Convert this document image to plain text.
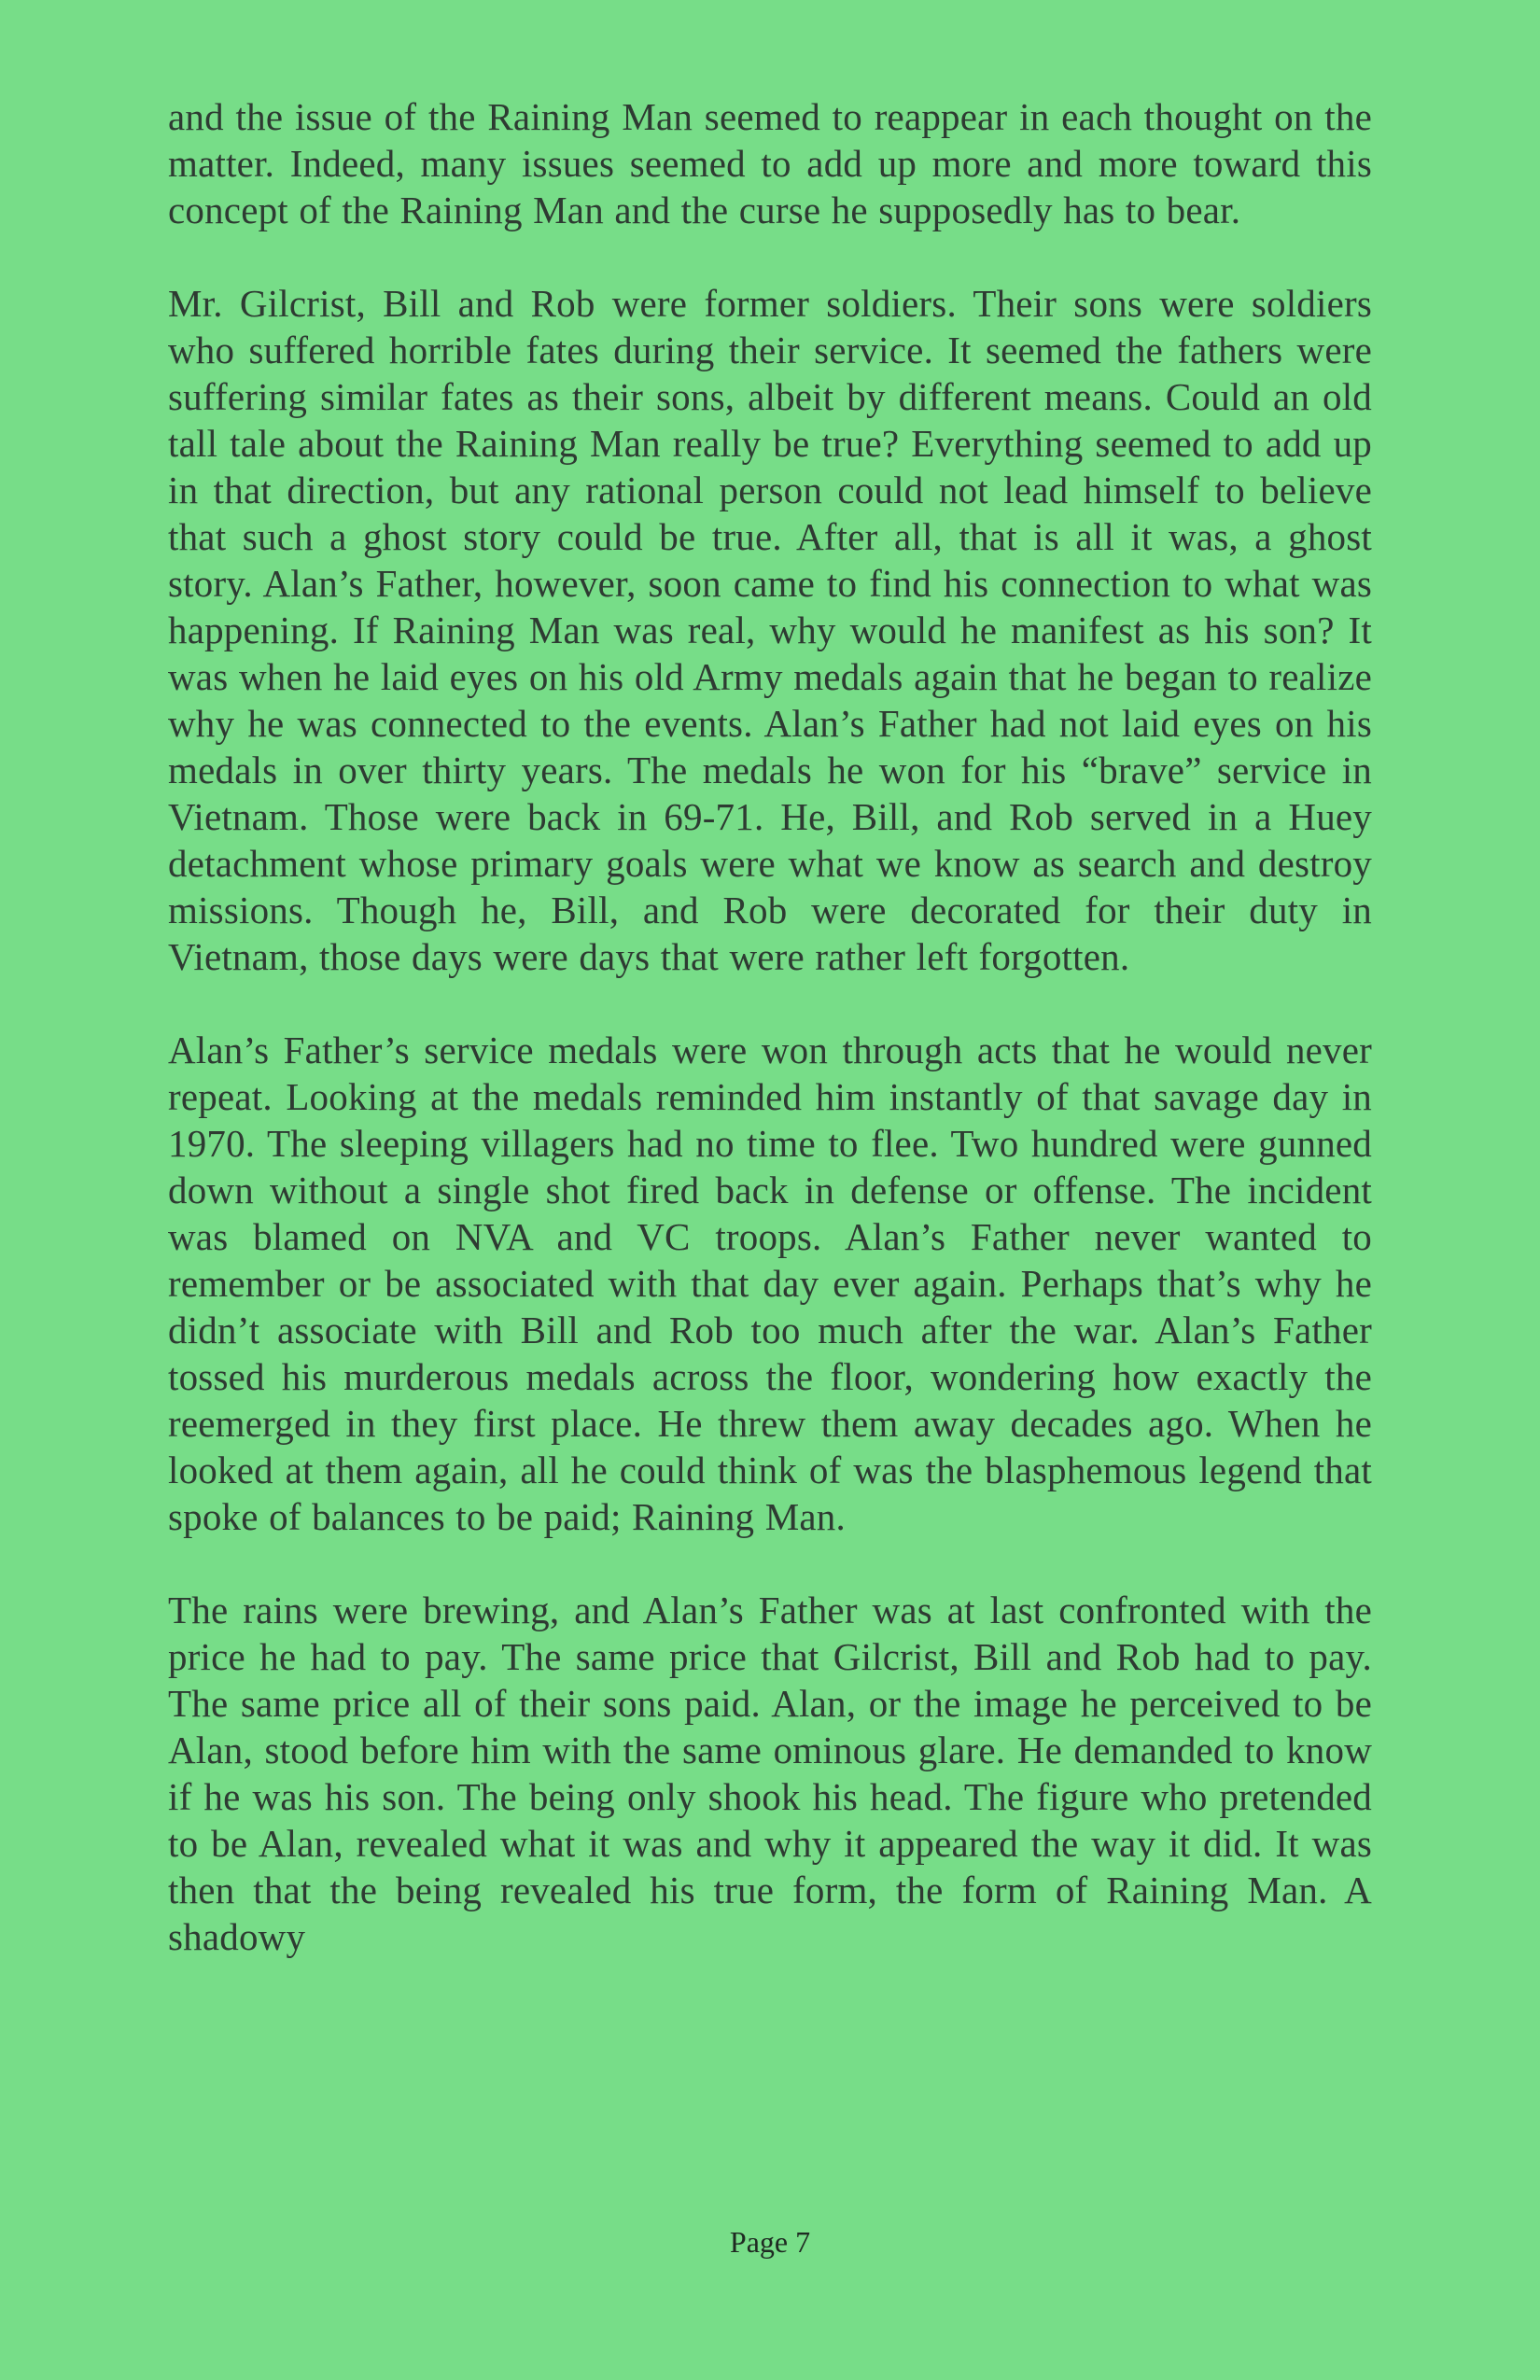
and the issue of the Raining Man seemed to reappear in each thought on the matter. Indeed, many issues seemed to add up more and more toward this concept of the Raining Man and the curse he supposedly has to bear.

Mr. Gilcrist, Bill and Rob were former soldiers. Their sons were soldiers who suffered horrible fates during their service. It seemed the fathers were suffering similar fates as their sons, albeit by different means. Could an old tall tale about the Raining Man really be true? Everything seemed to add up in that direction, but any rational person could not lead himself to believe that such a ghost story could be true. After all, that is all it was, a ghost story. Alan’s Father, however, soon came to find his connection to what was happening. If Raining Man was real, why would he manifest as his son? It was when he laid eyes on his old Army medals again that he began to realize why he was connected to the events. Alan’s Father had not laid eyes on his medals in over thirty years. The medals he won for his “brave” service in Vietnam. Those were back in 69-71. He, Bill, and Rob served in a Huey detachment whose primary goals were what we know as search and destroy missions. Though he, Bill, and Rob were decorated for their duty in Vietnam, those days were days that were rather left forgotten.

Alan’s Father’s service medals were won through acts that he would never repeat. Looking at the medals reminded him instantly of that savage day in 1970. The sleeping villagers had no time to flee. Two hundred were gunned down without a single shot fired back in defense or offense. The incident was blamed on NVA and VC troops. Alan’s Father never wanted to remember or be associated with that day ever again. Perhaps that’s why he didn’t associate with Bill and Rob too much after the war. Alan’s Father tossed his murderous medals across the floor, wondering how exactly the reemerged in they first place. He threw them away decades ago. When he looked at them again, all he could think of was the blasphemous legend that spoke of balances to be paid; Raining Man.

The rains were brewing, and Alan’s Father was at last confronted with the price he had to pay. The same price that Gilcrist, Bill and Rob had to pay. The same price all of their sons paid. Alan, or the image he perceived to be Alan, stood before him with the same ominous glare. He demanded to know if he was his son. The being only shook his head. The figure who pretended to be Alan, revealed what it was and why it appeared the way it did. It was then that the being revealed his true form, the form of Raining Man. A shadowy

Page 7
